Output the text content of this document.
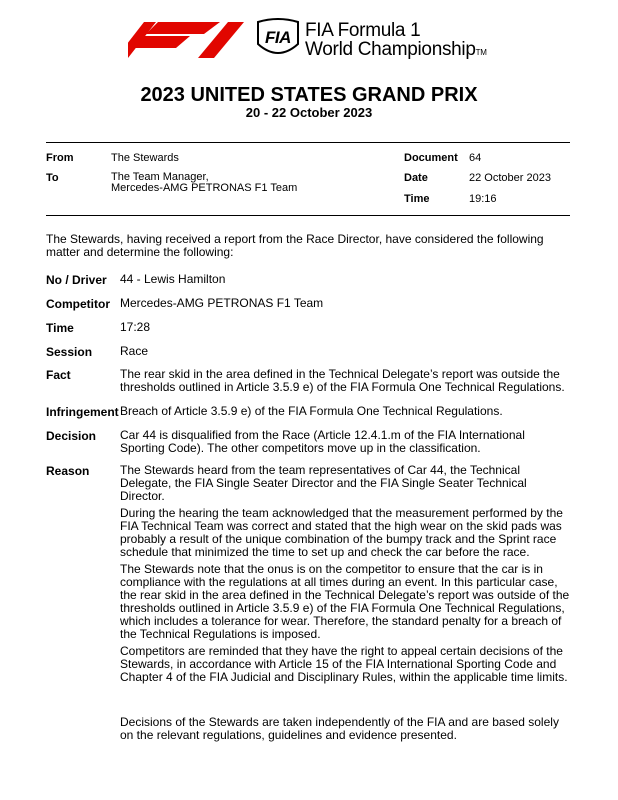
FIA FIA Formula 1
World ChampionshipTM
2023 UNITED STATES GRAND PRIX
20 - 22 October 2023
From	The Stewards
To	The Team Manager,
Mercedes-AMG PETRONAS F1 Team
Document 64
Date	22 October 2023
Time	19:16
The Stewards, having received a report from the Race Director, have considered the following matter and determine the following:
No / Driver 44 - Lewis Hamilton
Competitor Mercedes-AMG PETRONAS F1 Team
Time	17:28
Session Race
Fact	The rear skid in the area defined in the Technical Delegate’s report was outside the thresholds outlined in Article 3.5.9 e) of the FIA Formula One Technical Regulations.
Infringement Breach of Article 3.5.9 e) of the FIA Formula One Technical Regulations.
Decision Car 44 is disqualified from the Race (Article 12.4.1.m of the FIA International Sporting Code). The other competitors move up in the classification.
Reason	The Stewards heard from the team representatives of Car 44, the Technical Delegate, the FIA Single Seater Director and the FIA Single Seater Technical Director.

During the hearing the team acknowledged that the measurement performed by the FIA Technical Team was correct and stated that the high wear on the skid pads was probably a result of the unique combination of the bumpy track and the Sprint race schedule that minimized the time to set up and check the car before the race.

The Stewards note that the onus is on the competitor to ensure that the car is in compliance with the regulations at all times during an event. In this particular case, the rear skid in the area defined in the Technical Delegate’s report was outside of the thresholds outlined in Article 3.5.9 e) of the FIA Formula One Technical Regulations, which includes a tolerance for wear. Therefore, the standard penalty for a breach of the Technical Regulations is imposed.

Competitors are reminded that they have the right to appeal certain decisions of the Stewards, in accordance with Article 15 of the FIA International Sporting Code and Chapter 4 of the FIA Judicial and Disciplinary Rules, within the applicable time limits.

Decisions of the Stewards are taken independently of the FIA and are based solely on the relevant regulations, guidelines and evidence presented.
